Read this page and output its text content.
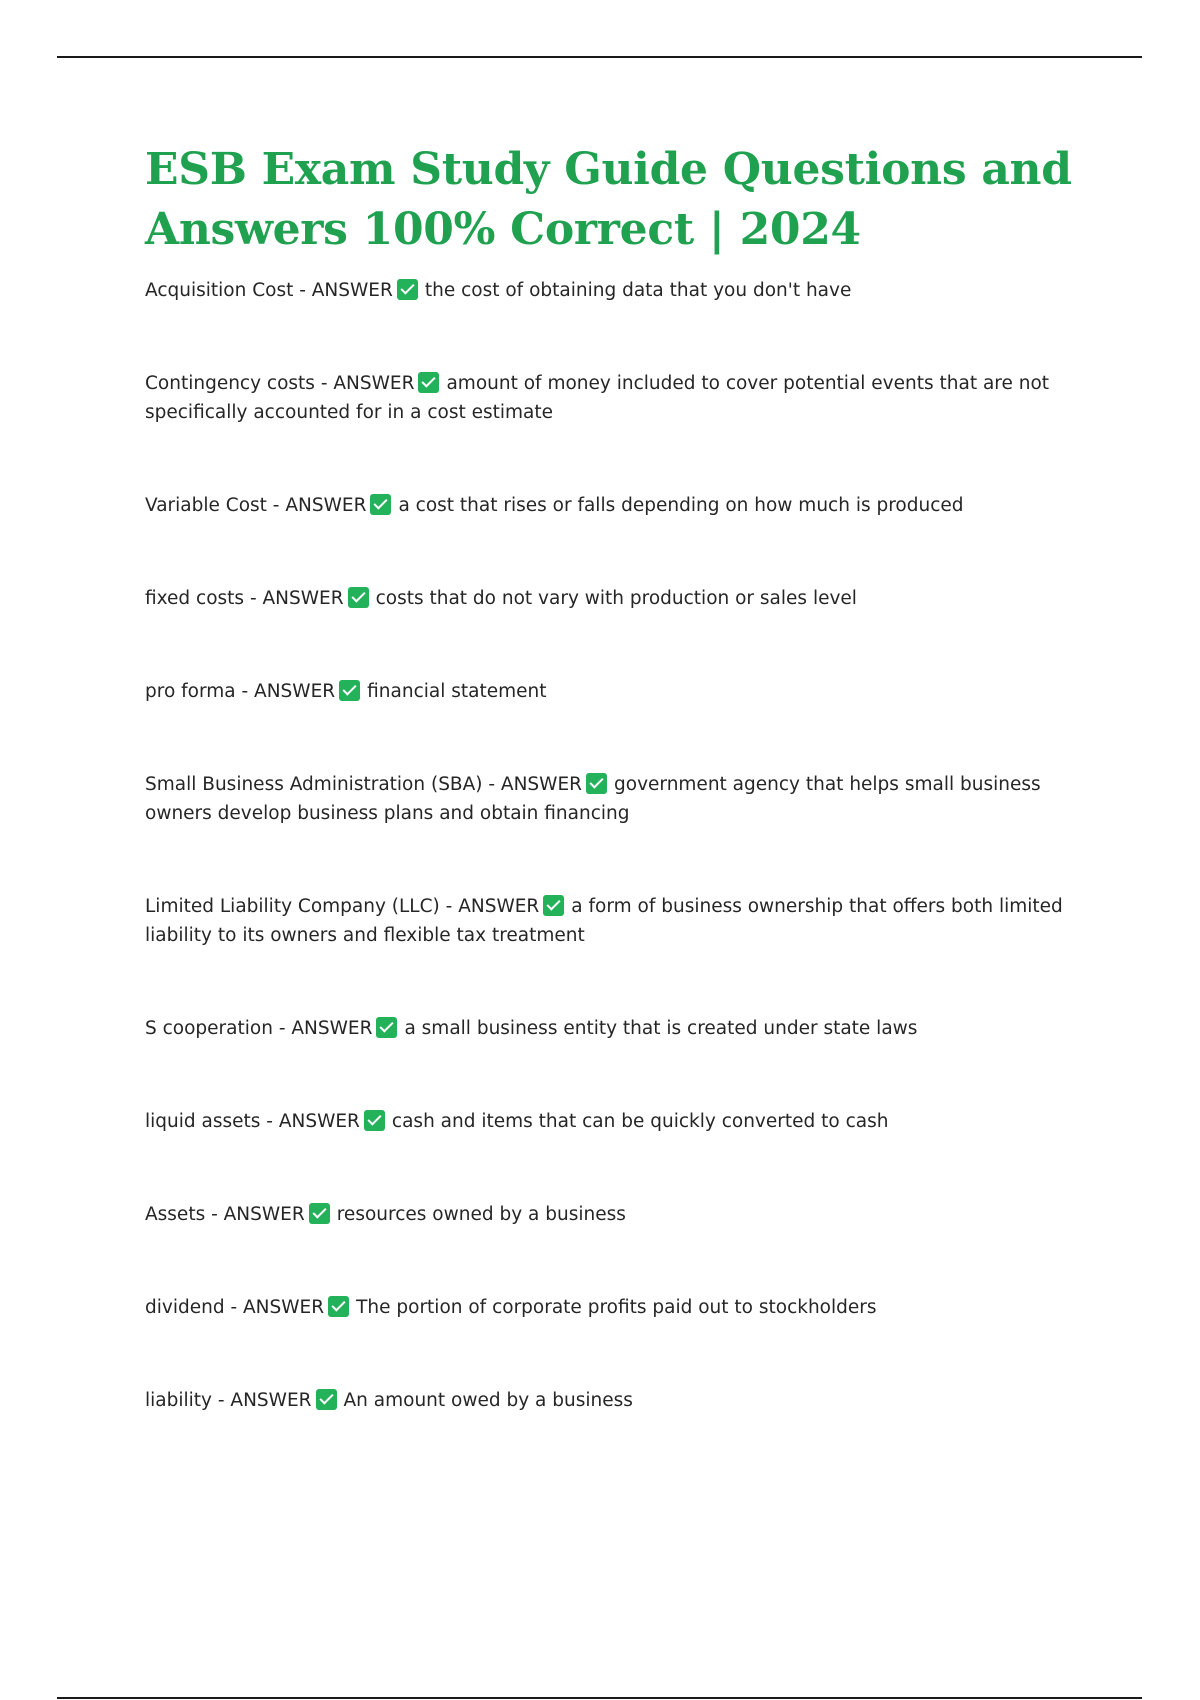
ESB Exam Study Guide Questions and Answers 100% Correct | 2024
Acquisition Cost - ANSWER the cost of obtaining data that you don't have
Contingency costs - ANSWER amount of money included to cover potential events that are not specifically accounted for in a cost estimate
Variable Cost - ANSWER a cost that rises or falls depending on how much is produced
fixed costs - ANSWER costs that do not vary with production or sales level
pro forma - ANSWER financial statement
Small Business Administration (SBA) - ANSWER government agency that helps small business owners develop business plans and obtain financing
Limited Liability Company (LLC) - ANSWER a form of business ownership that offers both limited liability to its owners and flexible tax treatment
S cooperation - ANSWER a small business entity that is created under state laws
liquid assets - ANSWER cash and items that can be quickly converted to cash
Assets - ANSWER resources owned by a business
dividend - ANSWER The portion of corporate profits paid out to stockholders
liability - ANSWER An amount owed by a business
